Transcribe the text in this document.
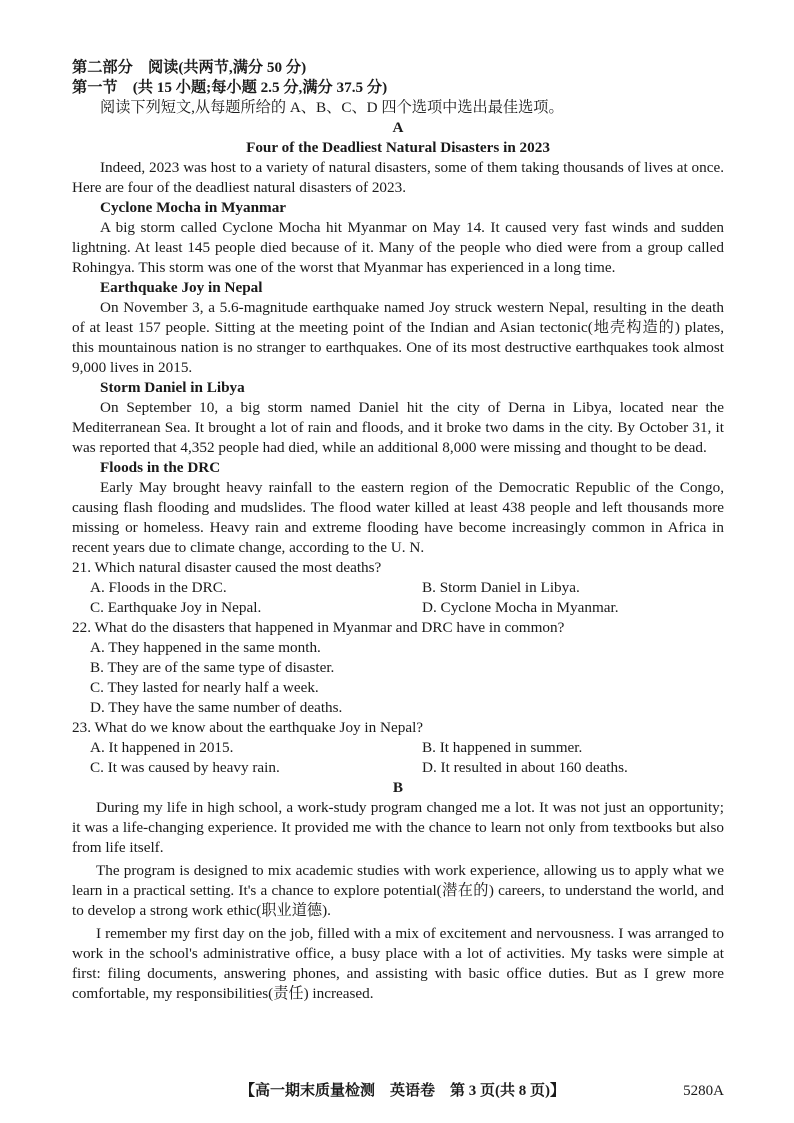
第二部分　阅读(共两节,满分 50 分)

第一节　(共 15 小题;每小题 2.5 分,满分 37.5 分)

阅读下列短文,从每题所给的 A、B、C、D 四个选项中选出最佳选项。

A

Four of the Deadliest Natural Disasters in 2023

Indeed, 2023 was host to a variety of natural disasters, some of them taking thousands of lives at once. Here are four of the deadliest natural disasters of 2023.

Cyclone Mocha in Myanmar

A big storm called Cyclone Mocha hit Myanmar on May 14. It caused very fast winds and sudden lightning. At least 145 people died because of it. Many of the people who died were from a group called Rohingya. This storm was one of the worst that Myanmar has experienced in a long time.

Earthquake Joy in Nepal

On November 3, a 5.6-magnitude earthquake named Joy struck western Nepal, resulting in the death of at least 157 people. Sitting at the meeting point of the Indian and Asian tectonic(地壳构造的) plates, this mountainous nation is no stranger to earthquakes. One of its most destructive earthquakes took almost 9,000 lives in 2015.

Storm Daniel in Libya

On September 10, a big storm named Daniel hit the city of Derna in Libya, located near the Mediterranean Sea. It brought a lot of rain and floods, and it broke two dams in the city. By October 31, it was reported that 4,352 people had died, while an additional 8,000 were missing and thought to be dead.

Floods in the DRC

Early May brought heavy rainfall to the eastern region of the Democratic Republic of the Congo, causing flash flooding and mudslides. The flood water killed at least 438 people and left thousands more missing or homeless. Heavy rain and extreme flooding have become increasingly common in Africa in recent years due to climate change, according to the U. N.

21. Which natural disaster caused the most deaths?

A. Floods in the DRC.	B. Storm Daniel in Libya.
C. Earthquake Joy in Nepal.	D. Cyclone Mocha in Myanmar.

22. What do the disasters that happened in Myanmar and DRC have in common?

A. They happened in the same month.
B. They are of the same type of disaster.
C. They lasted for nearly half a week.
D. They have the same number of deaths.

23. What do we know about the earthquake Joy in Nepal?

A. It happened in 2015.	B. It happened in summer.
C. It was caused by heavy rain.	D. It resulted in about 160 deaths.

B

During my life in high school, a work-study program changed me a lot. It was not just an opportunity; it was a life-changing experience. It provided me with the chance to learn not only from textbooks but also from life itself.

The program is designed to mix academic studies with work experience, allowing us to apply what we learn in a practical setting. It's a chance to explore potential(潜在的) careers, to understand the world, and to develop a strong work ethic(职业道德).

I remember my first day on the job, filled with a mix of excitement and nervousness. I was arranged to work in the school's administrative office, a busy place with a lot of activities. My tasks were simple at first: filing documents, answering phones, and assisting with basic office duties. But as I grew more comfortable, my responsibilities(责任) increased.

【高一期末质量检测　英语卷　第 3 页(共 8 页)】	5280A
